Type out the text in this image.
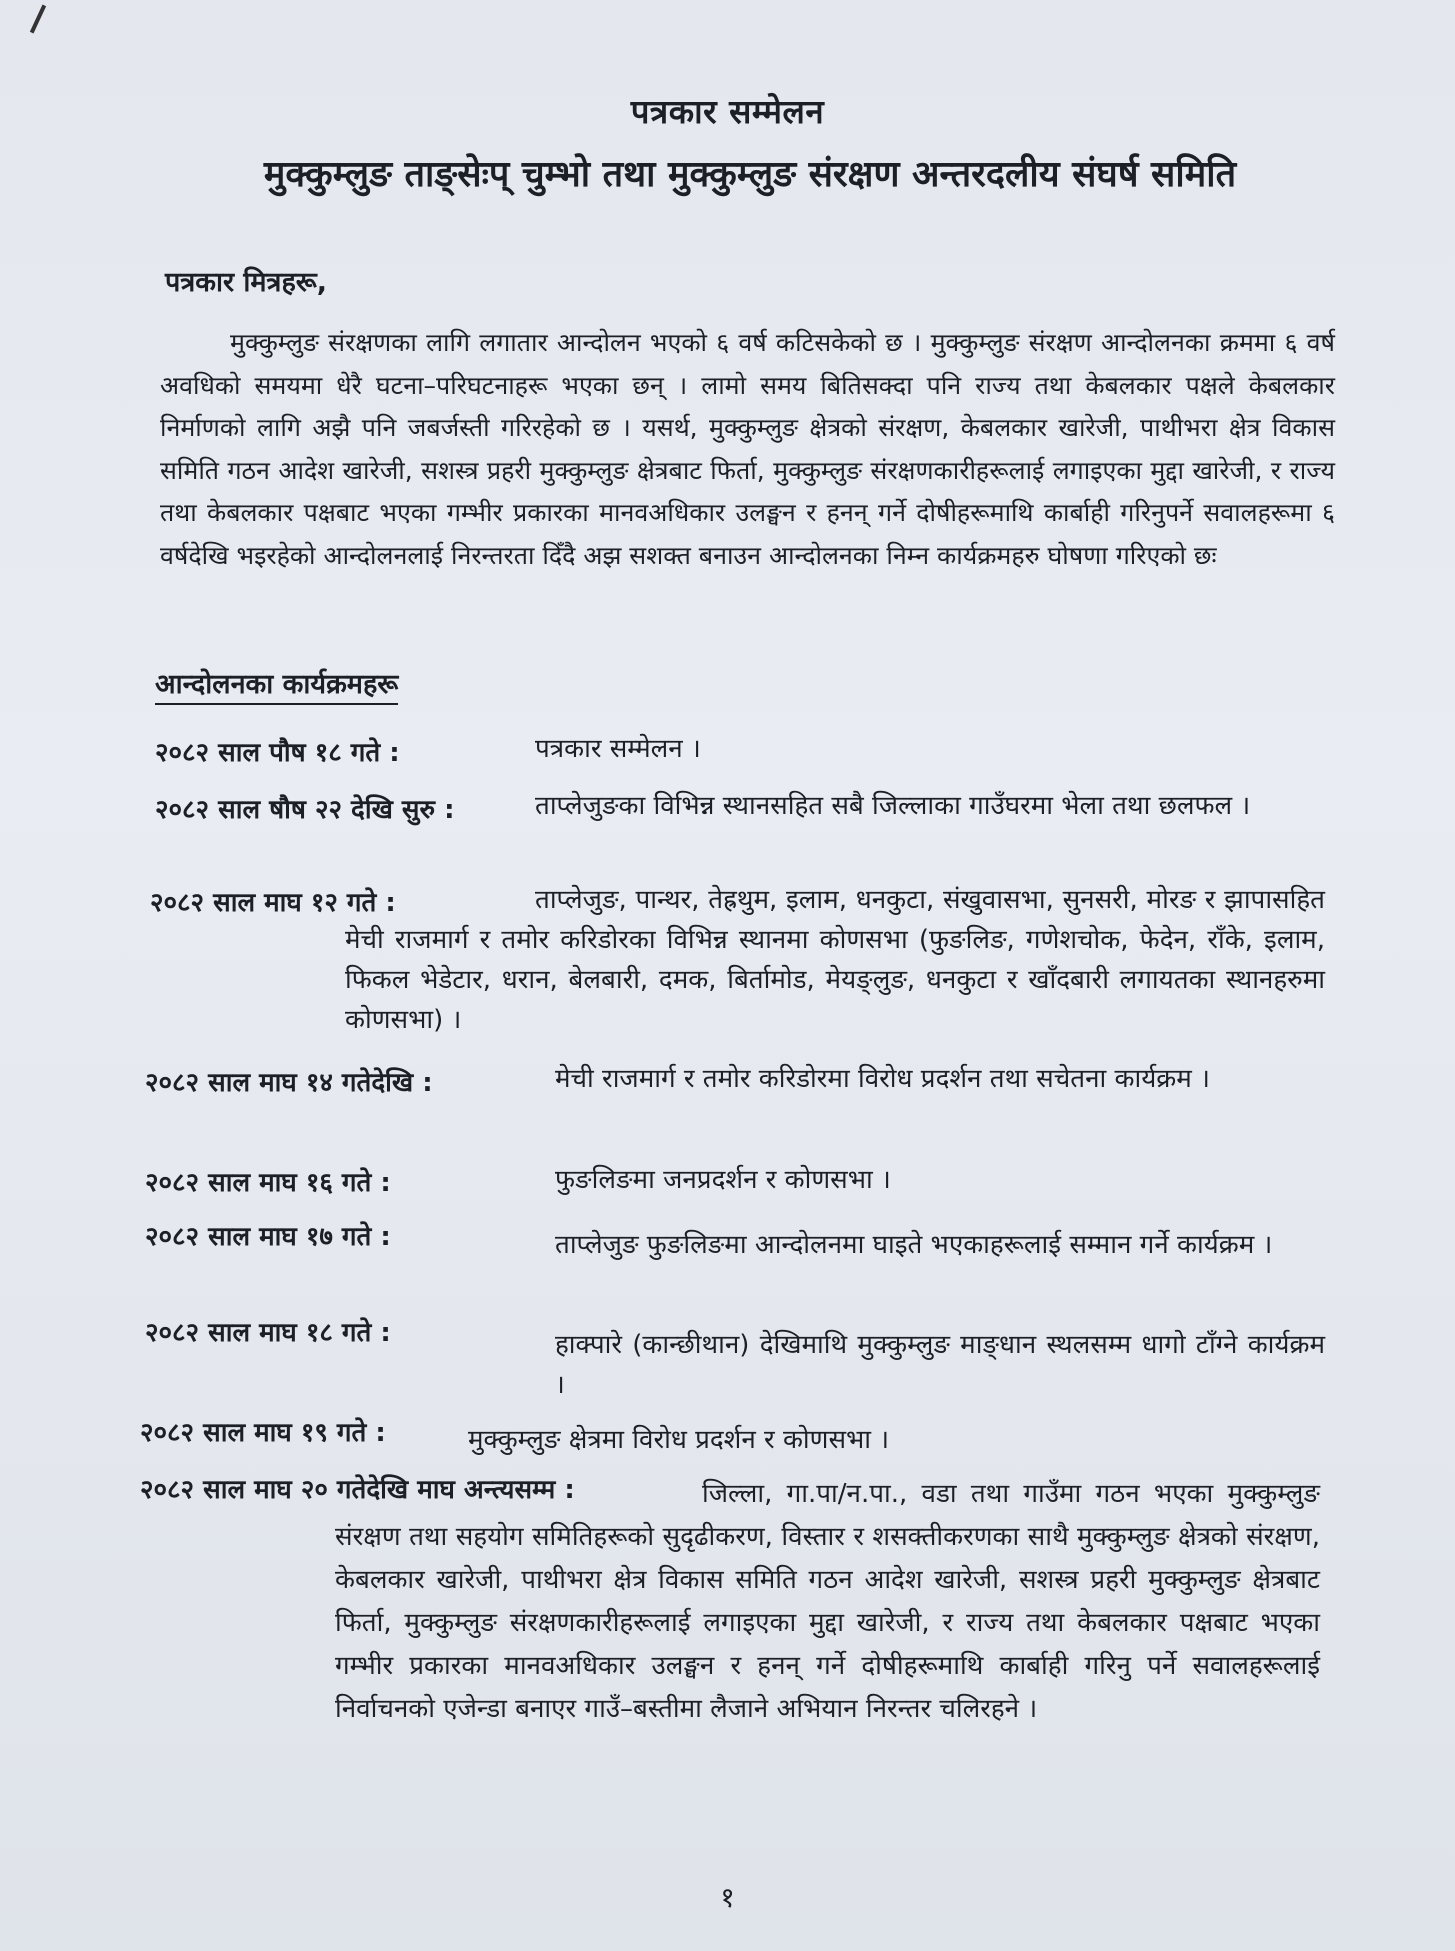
पत्रकार सम्मेलन
मुक्कुम्लुङ ताङ्सेःप् चुम्भो तथा मुक्कुम्लुङ संरक्षण अन्तरदलीय संघर्ष समिति
पत्रकार मित्रहरू,
मुक्कुम्लुङ संरक्षणका लागि लगातार आन्दोलन भएको ६ वर्ष कटिसकेको छ । मुक्कुम्लुङ संरक्षण आन्दोलनका क्रममा ६ वर्ष अवधिको समयमा धेरै घटना–परिघटनाहरू भएका छन् । लामो समय बितिसक्दा पनि राज्य तथा केबलकार पक्षले केबलकार निर्माणको लागि अझै पनि जबर्जस्ती गरिरहेको छ । यसर्थ, मुक्कुम्लुङ क्षेत्रको संरक्षण, केबलकार खारेजी, पाथीभरा क्षेत्र विकास समिति गठन आदेश खारेजी, सशस्त्र प्रहरी मुक्कुम्लुङ क्षेत्रबाट फिर्ता, मुक्कुम्लुङ संरक्षणकारीहरूलाई लगाइएका मुद्दा खारेजी, र राज्य तथा केबलकार पक्षबाट भएका गम्भीर प्रकारका मानवअधिकार उलङ्घन र हनन् गर्ने दोषीहरूमाथि कार्बाही गरिनुपर्ने सवालहरूमा ६ वर्षदेखि भइरहेको आन्दोलनलाई निरन्तरता दिँदै अझ सशक्त बनाउन आन्दोलनका निम्न कार्यक्रमहरु घोषणा गरिएको छः
आन्दोलनका कार्यक्रमहरू
२०८२ साल पौष १८ गते :	पत्रकार सम्मेलन ।
२०८२ साल षौष २२ देखि सुरु :	ताप्लेजुङका विभिन्न स्थानसहित सबै जिल्लाका गाउँघरमा भेला तथा छलफल ।
२०८२ साल माघ १२ गते :	ताप्लेजुङ, पान्थर, तेह्रथुम, इलाम, धनकुटा, संखुवासभा, सुनसरी, मोरङ र झापासहित मेची राजमार्ग र तमोर करिडोरका विभिन्न स्थानमा कोणसभा (फुङलिङ, गणेशचोक, फेदेन, राँके, इलाम, फिकल भेडेटार, धरान, बेलबारी, दमक, बिर्तामोड, मेयङ्लुङ, धनकुटा र खाँदबारी लगायतका स्थानहरुमा कोणसभा) ।
२०८२ साल माघ १४ गतेदेखि :	मेची राजमार्ग र तमोर करिडोरमा विरोध प्रदर्शन तथा सचेतना कार्यक्रम ।
२०८२ साल माघ १६ गते :	फुङलिङमा जनप्रदर्शन र कोणसभा ।
२०८२ साल माघ १७ गते :	ताप्लेजुङ फुङलिङमा आन्दोलनमा घाइते भएकाहरूलाई सम्मान गर्ने कार्यक्रम ।
२०८२ साल माघ १८ गते :	हाक्पारे (कान्छीथान) देखिमाथि मुक्कुम्लुङ माङ्धान स्थलसम्म धागो टाँग्ने कार्यक्रम ।
२०८२ साल माघ १९ गते :	मुक्कुम्लुङ क्षेत्रमा विरोध प्रदर्शन र कोणसभा ।
२०८२ साल माघ २० गतेदेखि माघ अन्त्यसम्म :	जिल्ला, गा.पा/न.पा., वडा तथा गाउँमा गठन भएका मुक्कुम्लुङ संरक्षण तथा सहयोग समितिहरूको सुदृढीकरण, विस्तार र शसक्तीकरणका साथै मुक्कुम्लुङ क्षेत्रको संरक्षण, केबलकार खारेजी, पाथीभरा क्षेत्र विकास समिति गठन आदेश खारेजी, सशस्त्र प्रहरी मुक्कुम्लुङ क्षेत्रबाट फिर्ता, मुक्कुम्लुङ संरक्षणकारीहरूलाई लगाइएका मुद्दा खारेजी, र राज्य तथा केबलकार पक्षबाट भएका गम्भीर प्रकारका मानवअधिकार उलङ्घन र हनन् गर्ने दोषीहरूमाथि कार्बाही गरिनु पर्ने सवालहरूलाई निर्वाचनको एजेन्डा बनाएर गाउँ–बस्तीमा लैजाने अभियान निरन्तर चलिरहने ।
१
